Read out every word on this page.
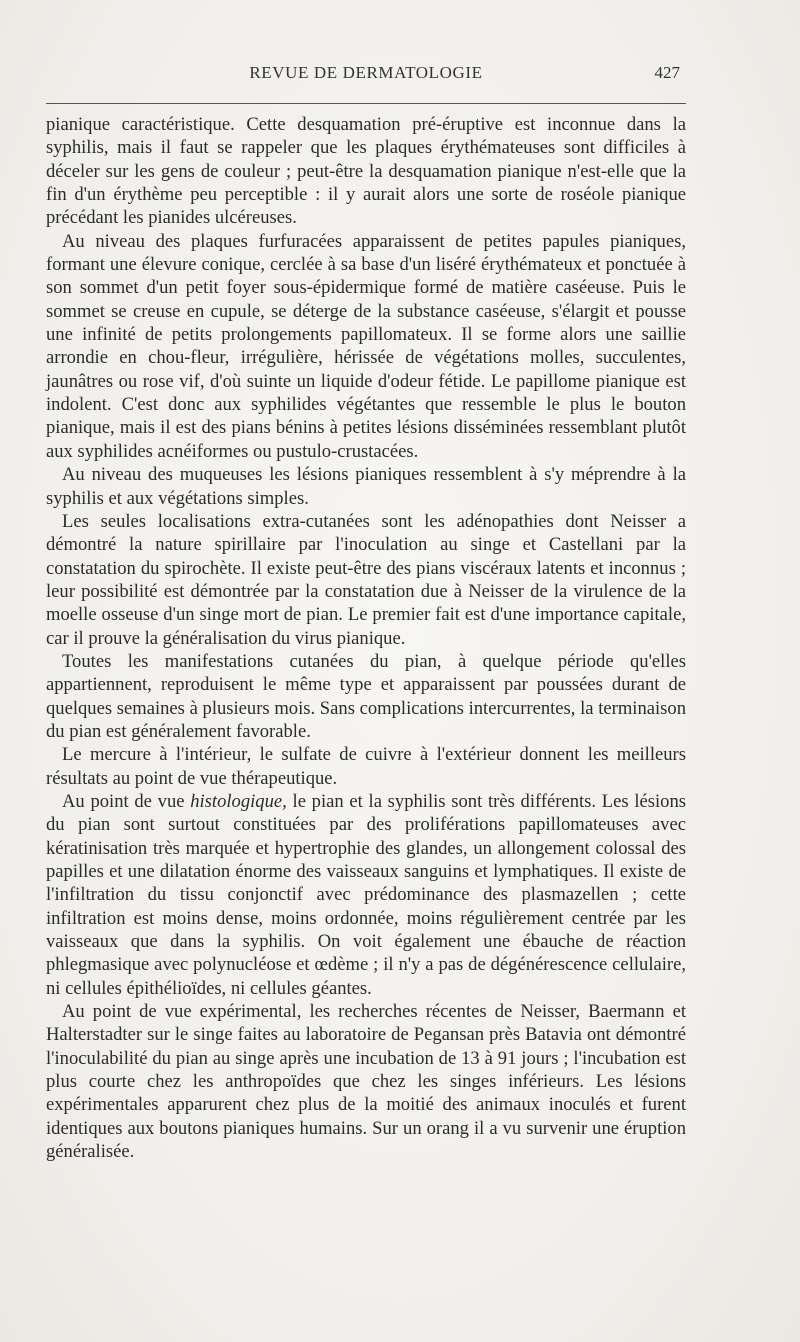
REVUE DE DERMATOLOGIE	427

pianique caractéristique. Cette desquamation pré-éruptive est inconnue dans la syphilis, mais il faut se rappeler que les plaques érythémateuses sont difficiles à déceler sur les gens de couleur ; peut-être la desquamation pianique n'est-elle que la fin d'un érythème peu perceptible : il y aurait alors une sorte de roséole pianique précédant les pianides ulcéreuses.

Au niveau des plaques furfuracées apparaissent de petites papules pianiques, formant une élevure conique, cerclée à sa base d'un liséré érythémateux et ponctuée à son sommet d'un petit foyer sous-épidermique formé de matière caséeuse. Puis le sommet se creuse en cupule, se déterge de la substance caséeuse, s'élargit et pousse une infinité de petits prolongements papillomateux. Il se forme alors une saillie arrondie en chou-fleur, irrégulière, hérissée de végétations molles, succulentes, jaunâtres ou rose vif, d'où suinte un liquide d'odeur fétide. Le papillome pianique est indolent. C'est donc aux syphilides végétantes que ressemble le plus le bouton pianique, mais il est des pians bénins à petites lésions disséminées ressemblant plutôt aux syphilides acnéiformes ou pustulo-crustacées.

Au niveau des muqueuses les lésions pianiques ressemblent à s'y méprendre à la syphilis et aux végétations simples.

Les seules localisations extra-cutanées sont les adénopathies dont Neisser a démontré la nature spirillaire par l'inoculation au singe et Castellani par la constatation du spirochète. Il existe peut-être des pians viscéraux latents et inconnus ; leur possibilité est démontrée par la constatation due à Neisser de la virulence de la moelle osseuse d'un singe mort de pian. Le premier fait est d'une importance capitale, car il prouve la généralisation du virus pianique.

Toutes les manifestations cutanées du pian, à quelque période qu'elles appartiennent, reproduisent le même type et apparaissent par poussées durant de quelques semaines à plusieurs mois. Sans complications intercurrentes, la terminaison du pian est généralement favorable.

Le mercure à l'intérieur, le sulfate de cuivre à l'extérieur donnent les meilleurs résultats au point de vue thérapeutique.

Au point de vue histologique, le pian et la syphilis sont très différents. Les lésions du pian sont surtout constituées par des proliférations papillomateuses avec kératinisation très marquée et hypertrophie des glandes, un allongement colossal des papilles et une dilatation énorme des vaisseaux sanguins et lymphatiques. Il existe de l'infiltration du tissu conjonctif avec prédominance des plasmazellen ; cette infiltration est moins dense, moins ordonnée, moins régulièrement centrée par les vaisseaux que dans la syphilis. On voit également une ébauche de réaction phlegmasique avec polynucléose et œdème ; il n'y a pas de dégénérescence cellulaire, ni cellules épithélioïdes, ni cellules géantes.

Au point de vue expérimental, les recherches récentes de Neisser, Baermann et Halterstadter sur le singe faites au laboratoire de Pegansan près Batavia ont démontré l'inoculabilité du pian au singe après une incubation de 13 à 91 jours ; l'incubation est plus courte chez les anthropoïdes que chez les singes inférieurs. Les lésions expérimentales apparurent chez plus de la moitié des animaux inoculés et furent identiques aux boutons pianiques humains. Sur un orang il a vu survenir une éruption généralisée.
